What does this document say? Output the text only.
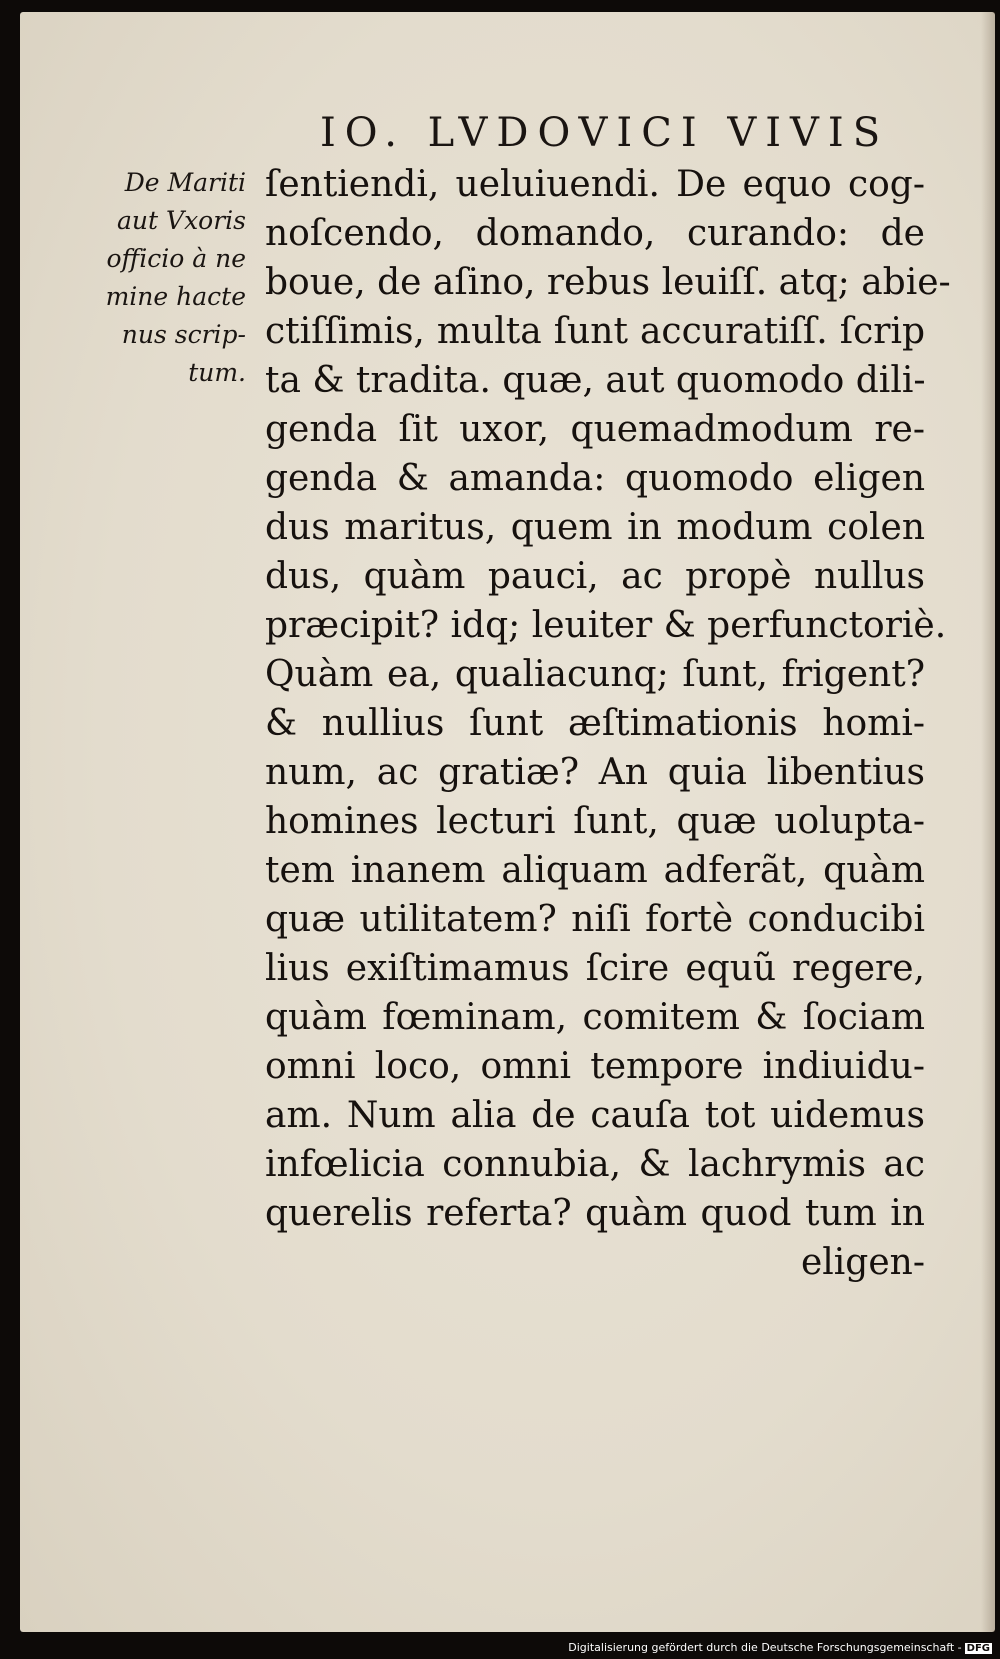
IO. LVDOVICI VIVIS
De Mariti
aut Vxoris
officio à ne
mine hacte
nus scrip-
tum.
ſentiendi, ueluiuendi. De equo cog-
noſcendo, domando, curando: de
boue, de aſino, rebus leuiſſ. atq; abie-
ctiſſimis, multa ſunt accuratiſſ. ſcrip
ta & tradita. quæ, aut quomodo dili-
genda ſit uxor, quemadmodum re-
genda & amanda: quomodo eligen
dus maritus, quem in modum colen
dus, quàm pauci, ac propè nullus
præcipit? idq; leuiter & perfunctoriè.
Quàm ea, qualiacunq; ſunt, frigent?
& nullius ſunt æſtimationis homi-
num, ac gratiæ? An quia libentius
homines lecturi ſunt, quæ uolupta-
tem inanem aliquam adferãt, quàm
quæ utilitatem? niſi fortè conducibi
lius exiſtimamus ſcire equũ regere,
quàm fœminam, comitem & ſociam
omni loco, omni tempore indiuidu-
am. Num alia de cauſa tot uidemus
infœlicia connubia, & lachrymis ac
querelis referta? quàm quod tum in
eligen-
Digitalisierung gefördert durch die Deutsche Forschungsgemeinschaft - DFG
